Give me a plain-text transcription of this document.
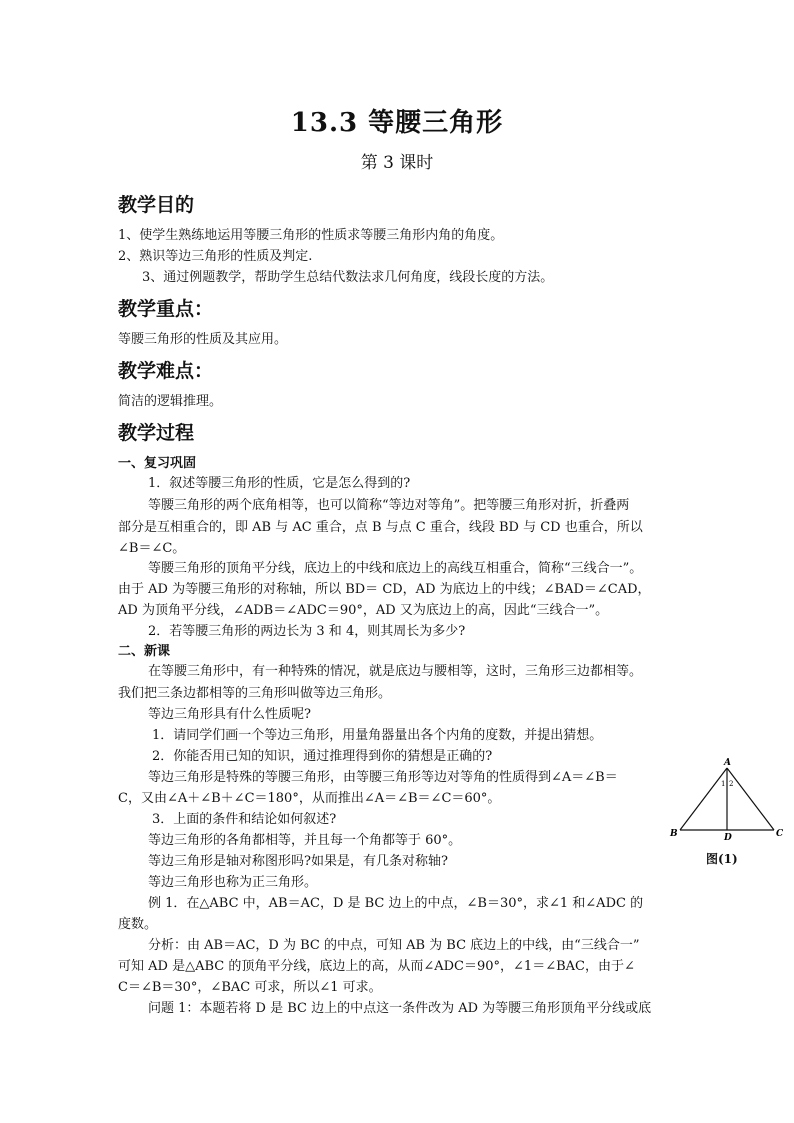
13.3 等腰三角形
第 3 课时
教学目的
1、使学生熟练地运用等腰三角形的性质求等腰三角形内角的角度。
2、熟识等边三角形的性质及判定.
3、通过例题教学，帮助学生总结代数法求几何角度，线段长度的方法。
教学重点：
等腰三角形的性质及其应用。
教学难点：
简洁的逻辑推理。
教学过程
一、复习巩固
1．叙述等腰三角形的性质，它是怎么得到的?
等腰三角形的两个底角相等，也可以简称“等边对等角”。把等腰三角形对折，折叠两
部分是互相重合的，即 AB 与 AC 重合，点 B 与点 C 重合，线段 BD 与 CD 也重合，所以
∠B＝∠C。
等腰三角形的顶角平分线，底边上的中线和底边上的高线互相重合，简称“三线合一”。
由于 AD 为等腰三角形的对称轴，所以 BD＝ CD，AD 为底边上的中线；∠BAD＝∠CAD，
AD 为顶角平分线，∠ADB＝∠ADC＝90°，AD 又为底边上的高，因此“三线合一”。
2．若等腰三角形的两边长为 3 和 4，则其周长为多少?
二、新课
在等腰三角形中，有一种特殊的情况，就是底边与腰相等，这时，三角形三边都相等。
我们把三条边都相等的三角形叫做等边三角形。
等边三角形具有什么性质呢?
1．请同学们画一个等边三角形，用量角器量出各个内角的度数，并提出猜想。
2．你能否用已知的知识，通过推理得到你的猜想是正确的?
等边三角形是特殊的等腰三角形，由等腰三角形等边对等角的性质得到∠A＝∠B＝
C，又由∠A＋∠B＋∠C＝180°，从而推出∠A＝∠B＝∠C＝60°。
3．上面的条件和结论如何叙述?
等边三角形的各角都相等，并且每一个角都等于 60°。
等边三角形是轴对称图形吗?如果是，有几条对称轴?
等边三角形也称为正三角形。
例 1．在△ABC 中，AB＝AC，D 是 BC 边上的中点，∠B＝30°，求∠1 和∠ADC 的
度数。
分析：由 AB＝AC，D 为 BC 的中点，可知 AB 为 BC 底边上的中线，由“三线合一”
可知 AD 是△ABC 的顶角平分线，底边上的高，从而∠ADC＝90°，∠1＝∠BAC，由于∠
C＝∠B＝30°，∠BAC 可求，所以∠1 可求。
问题 1：本题若将 D 是 BC 边上的中点这一条件改为 AD 为等腰三角形顶角平分线或底
A
B	C
D
1 2
图(1)
